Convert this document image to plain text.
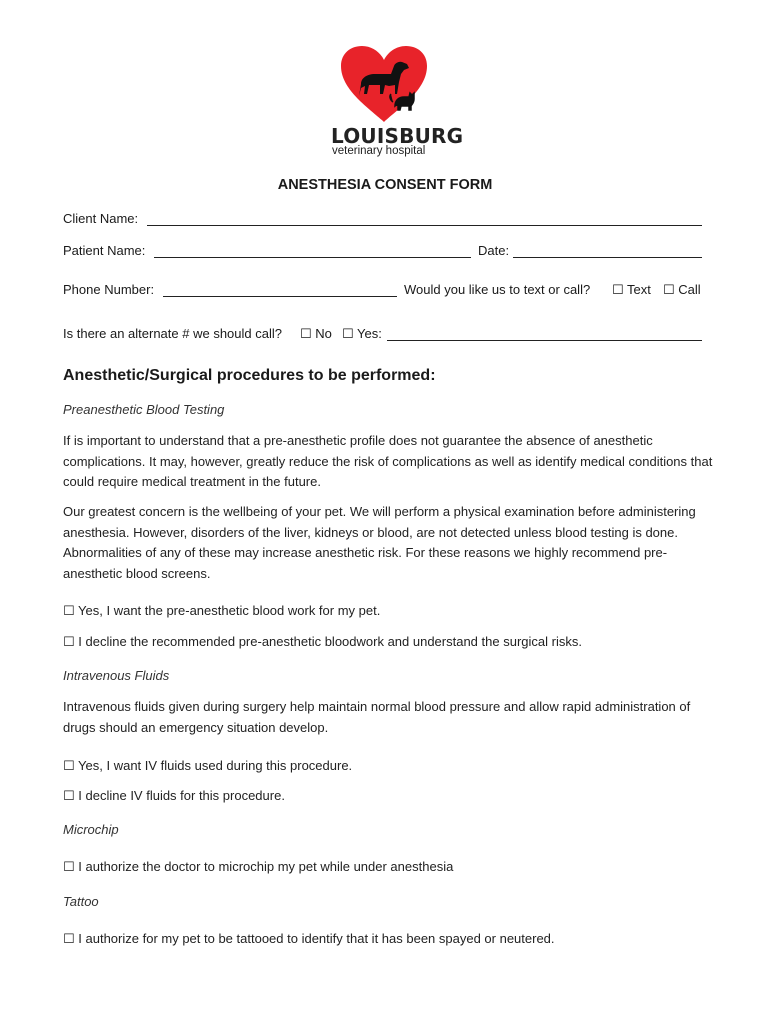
LOUISBURG
veterinary hospital
ANESTHESIA CONSENT FORM
Client Name:
Patient Name:	Date:
Phone Number:	Would you like us to text or call? ☐ Text ☐ Call
Is there an alternate # we should call? ☐ No ☐ Yes:
Anesthetic/Surgical procedures to be performed:
Preanesthetic Blood Testing
If is important to understand that a pre-anesthetic profile does not guarantee the absence of anesthetic complications. It may, however, greatly reduce the risk of complications as well as identify medical conditions that could require medical treatment in the future.
Our greatest concern is the wellbeing of your pet. We will perform a physical examination before administering anesthesia. However, disorders of the liver, kidneys or blood, are not detected unless blood testing is done. Abnormalities of any of these may increase anesthetic risk. For these reasons we highly recommend pre-anesthetic blood screens.
☐ Yes, I want the pre-anesthetic blood work for my pet.
☐ I decline the recommended pre-anesthetic bloodwork and understand the surgical risks.
Intravenous Fluids
Intravenous fluids given during surgery help maintain normal blood pressure and allow rapid administration of drugs should an emergency situation develop.
☐ Yes, I want IV fluids used during this procedure.
☐ I decline IV fluids for this procedure.
Microchip
☐ I authorize the doctor to microchip my pet while under anesthesia
Tattoo
☐ I authorize for my pet to be tattooed to identify that it has been spayed or neutered.
